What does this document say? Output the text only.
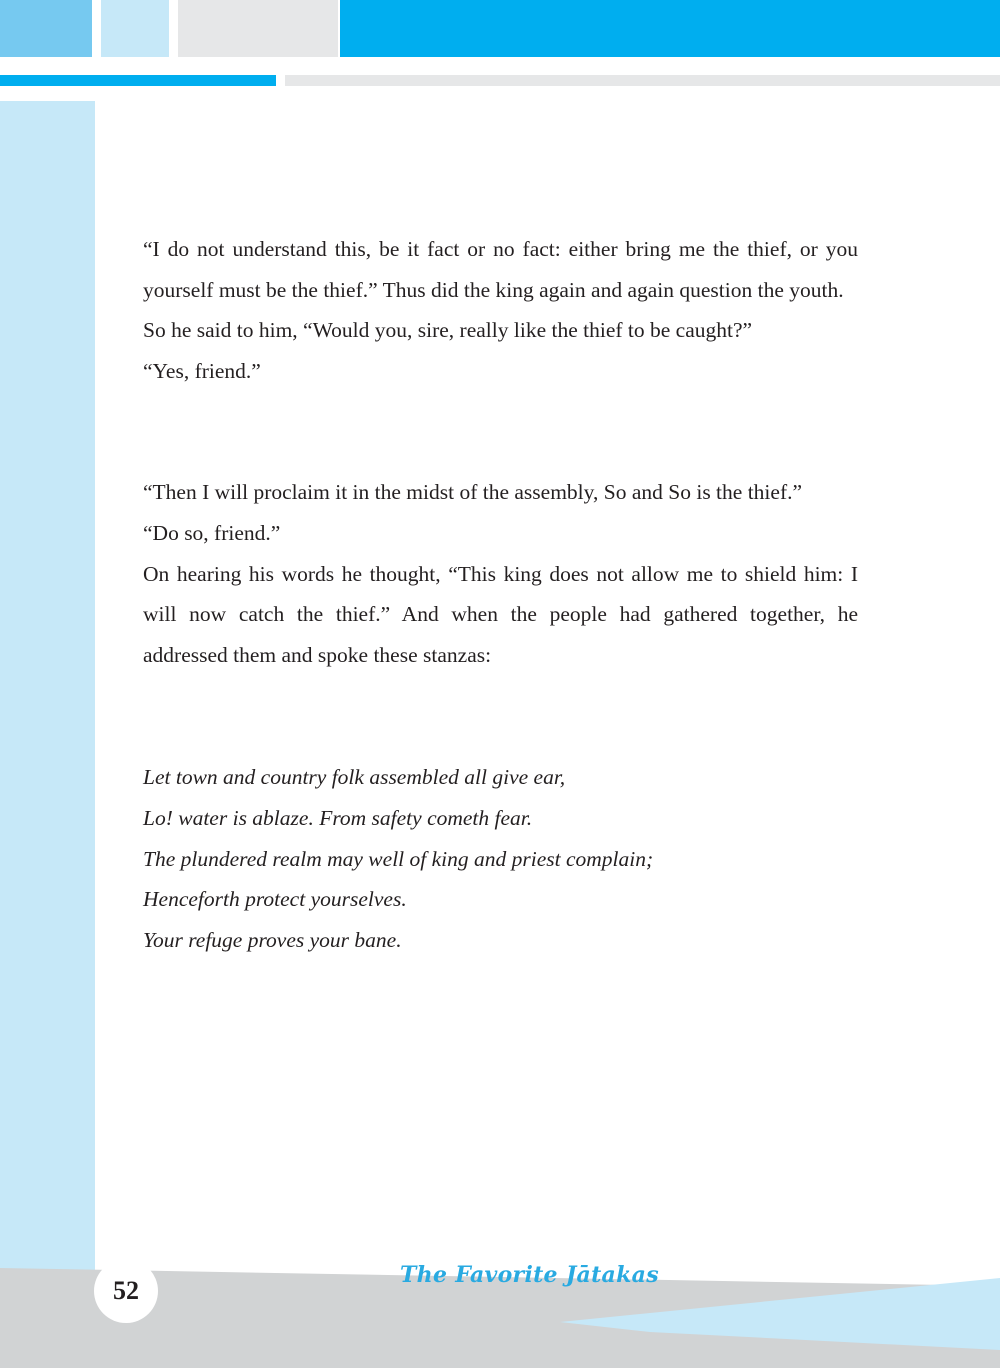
“I do not understand this, be it fact or no fact: either bring me the thief, or you yourself must be the thief.” Thus did the king again and again question the youth.

So he said to him, “Would you, sire, really like the thief to be caught?”

“Yes, friend.”

“Then I will proclaim it in the midst of the assembly, So and So is the thief.”

“Do so, friend.”

On hearing his words he thought, “This king does not allow me to shield him: I will now catch the thief.” And when the people had gathered together, he addressed them and spoke these stanzas:

Let town and country folk assembled all give ear,

Lo! water is ablaze. From safety cometh fear.

The plundered realm may well of king and priest complain;

Henceforth protect yourselves.

Your refuge proves your bane.

52
The Favorite Jātakas
